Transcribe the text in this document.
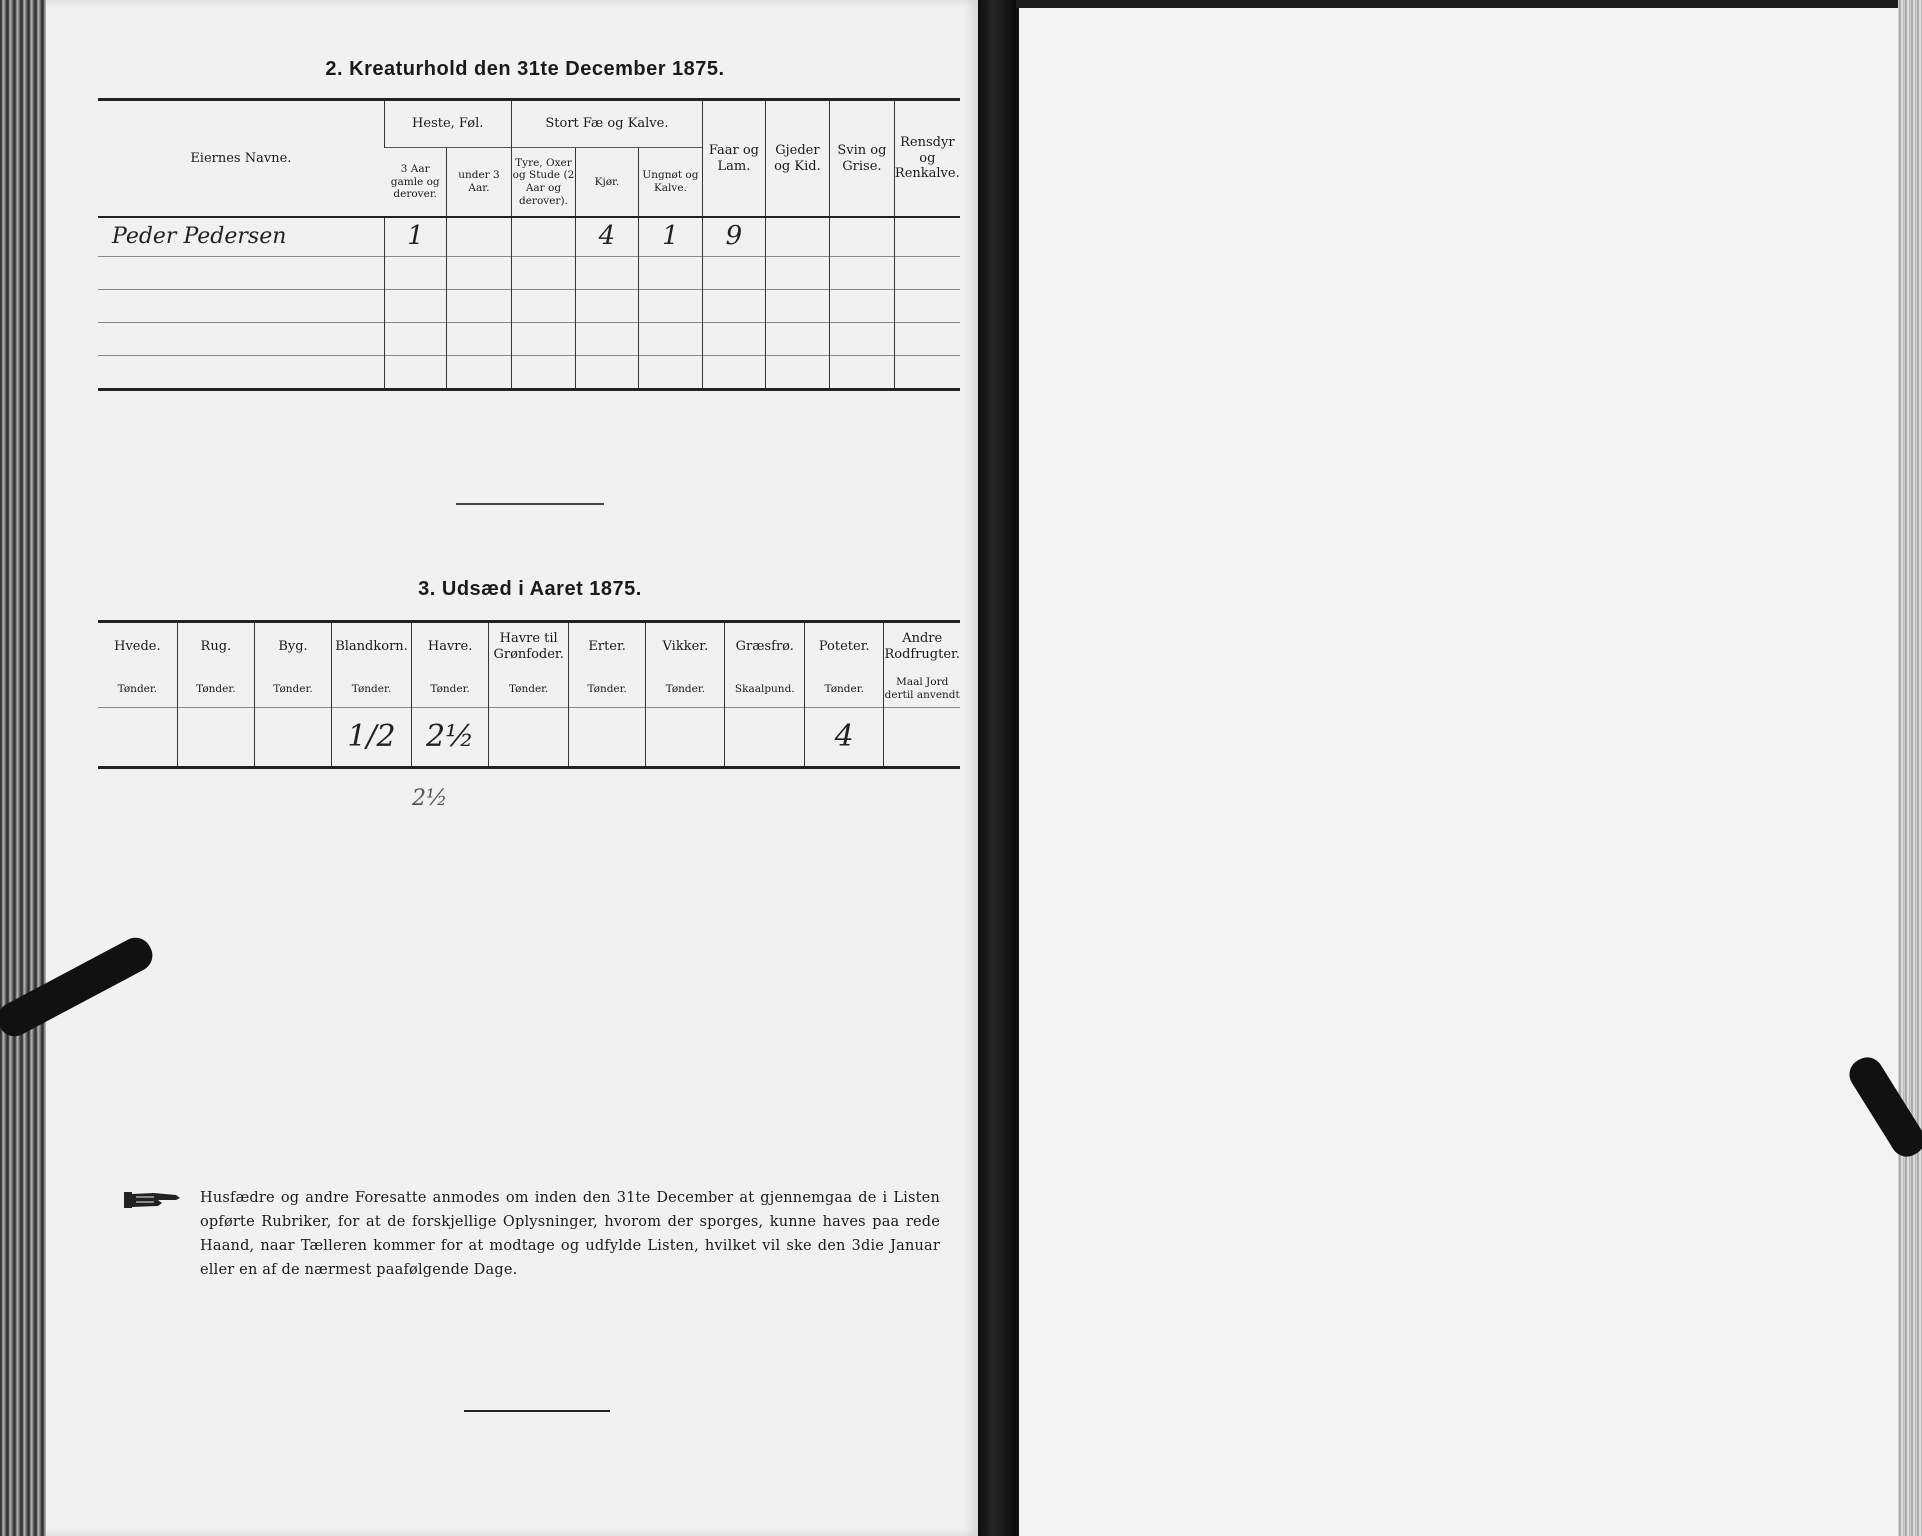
2. Kreaturhold den 31te December 1875.
Eiernes Navne.	Heste, Føl.		Stort Fæ og Kalve.			Faar og Lam.	Gjeder og Kid.	Svin og Grise.	Rensdyr og Renkalve.
	3 Aar gamle og derover.	under 3 Aar.	Tyre, Oxer og Stude (2 Aar og derover).	Kjør.	Ungnøt og Kalve.				
Peder Pedersen	1			4	1	9			

3. Udsæd i Aaret 1875.
Hvede.	Rug.	Byg.	Blandkorn.	Havre.	Havre til Grønfoder.	Erter.	Vikker.	Græsfrø.	Poteter.	Andre Rodfrugter.
Tønder.	Tønder.	Tønder.	Tønder.	Tønder.	Tønder.	Tønder.	Tønder.	Skaalpund.	Tønder.	Maal Jord dertil anvendt
			1/2	2½					4	
2½
Husfædre og andre Foresatte anmodes om inden den 31te December at gjennemgaa de i Listen opførte Rubriker, for at de forskjellige Oplysninger, hvorom der sporges, kunne haves paa rede Haand, naar Tælleren kommer for at modtage og udfylde Listen, hvilket vil ske den 3die Januar eller en af de nærmest paafølgende Dage.
